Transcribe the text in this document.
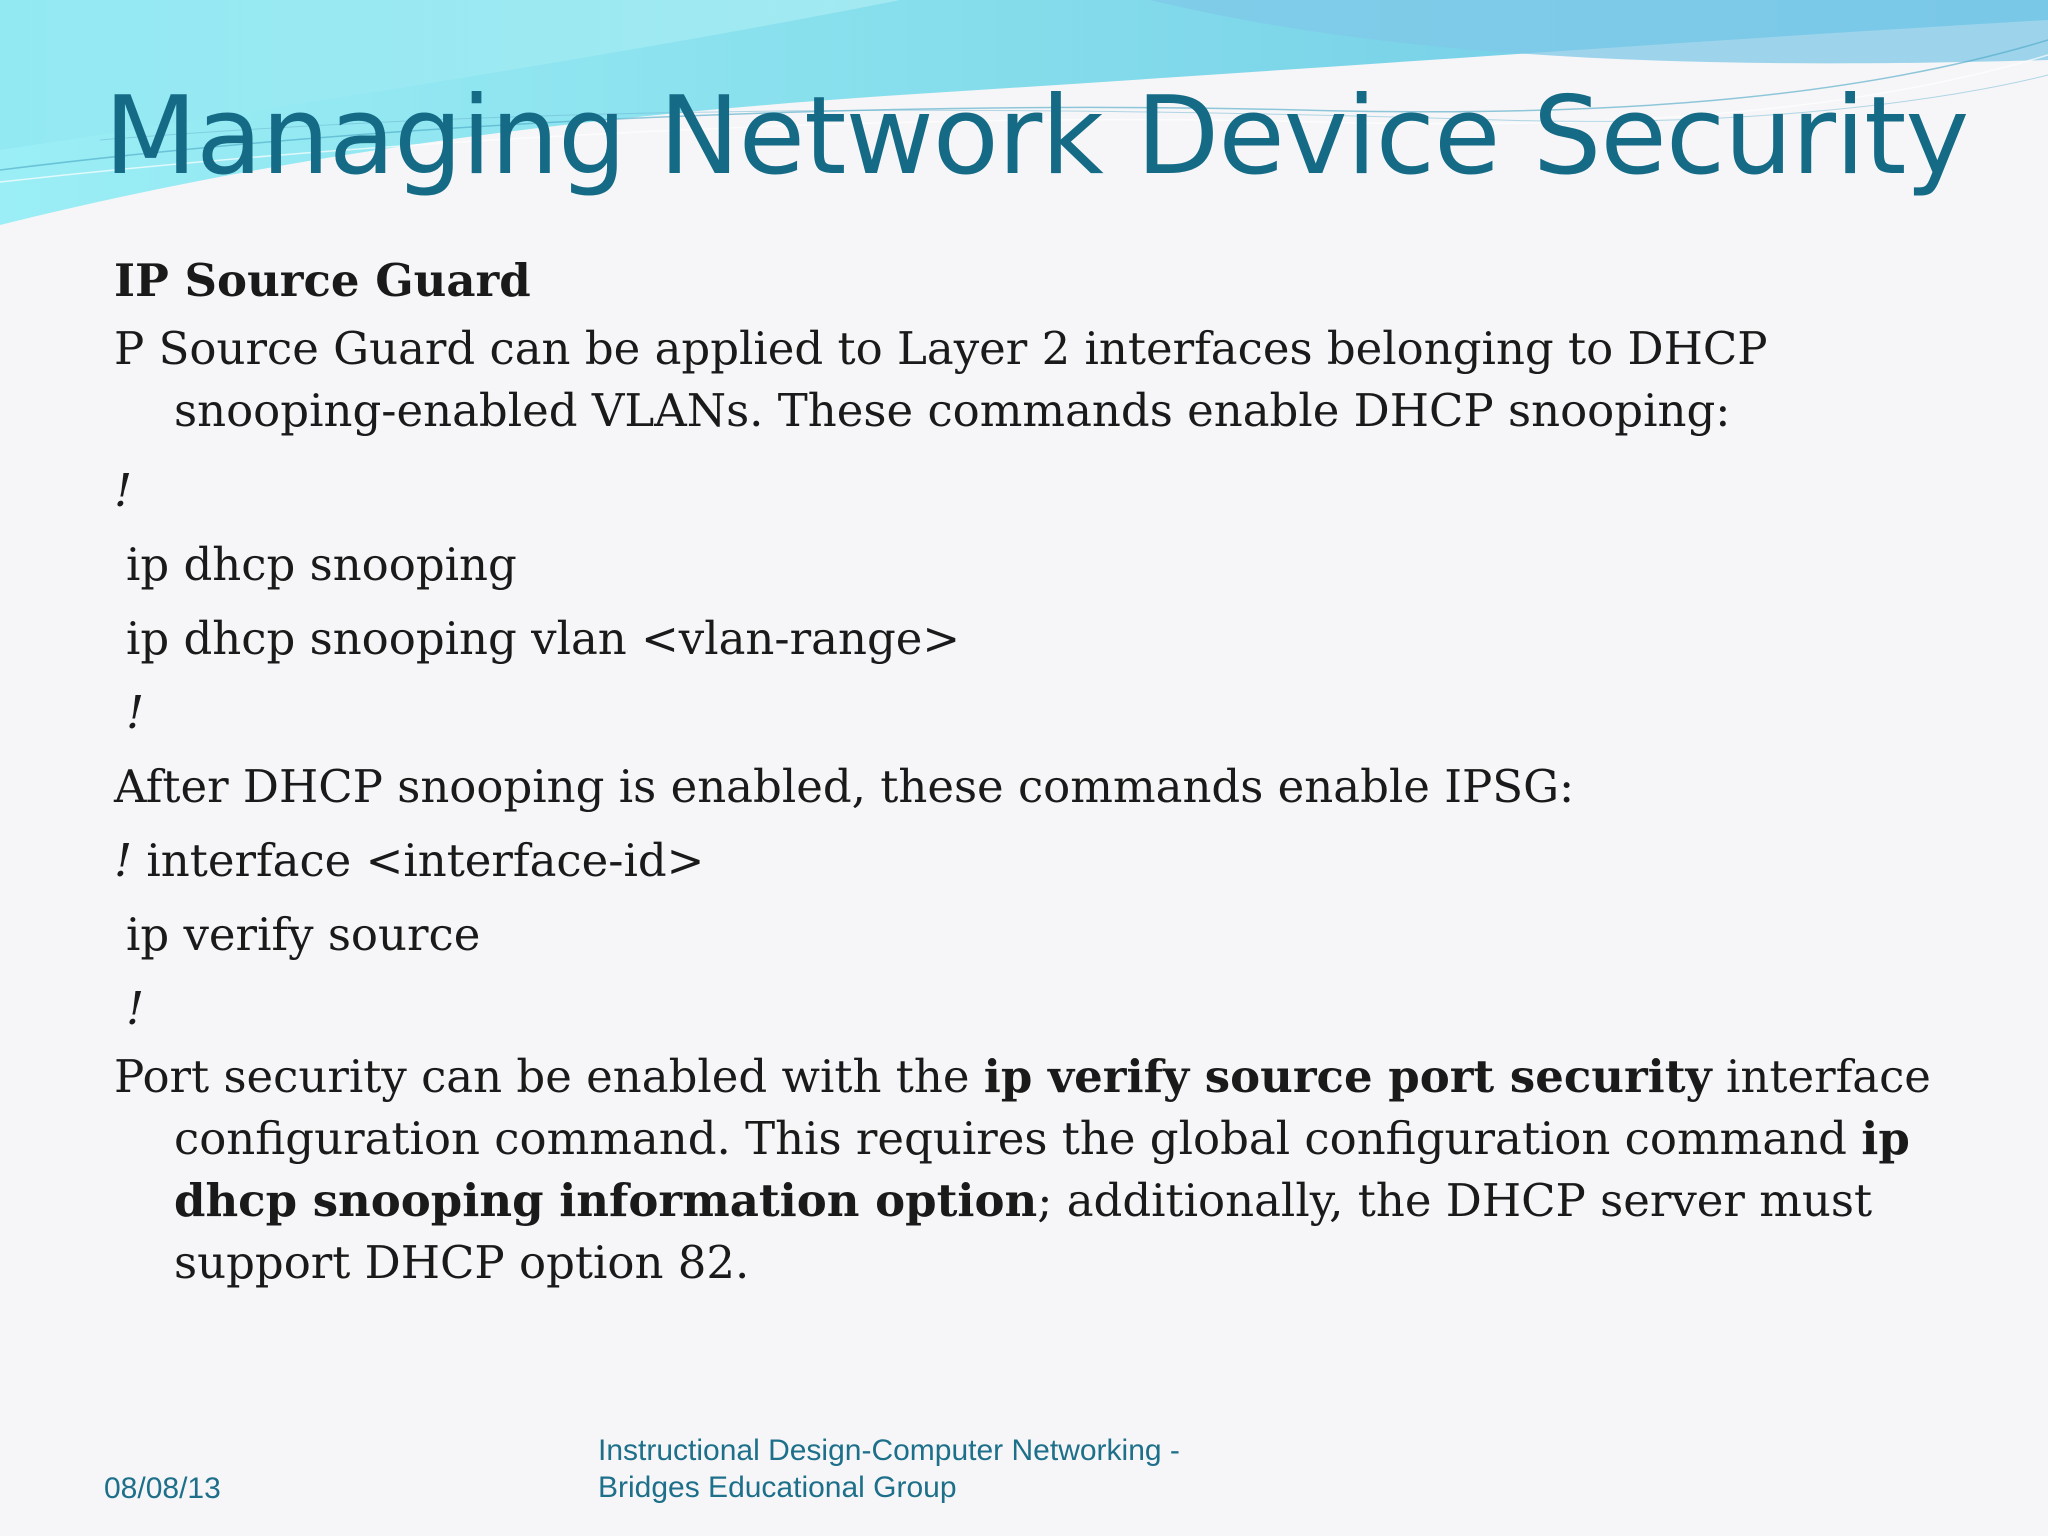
Managing Network Device Security

IP Source Guard

P Source Guard can be applied to Layer 2 interfaces belonging to DHCP snooping-enabled VLANs. These commands enable DHCP snooping:

!

ip dhcp snooping

ip dhcp snooping vlan <vlan-range>

!

After DHCP snooping is enabled, these commands enable IPSG:

! interface <interface-id>

ip verify source

!

Port security can be enabled with the ip verify source port security interface configuration command. This requires the global configuration command ip dhcp snooping information option; additionally, the DHCP server must support DHCP option 82.

08/08/13
Instructional Design-Computer Networking -
Bridges Educational Group
